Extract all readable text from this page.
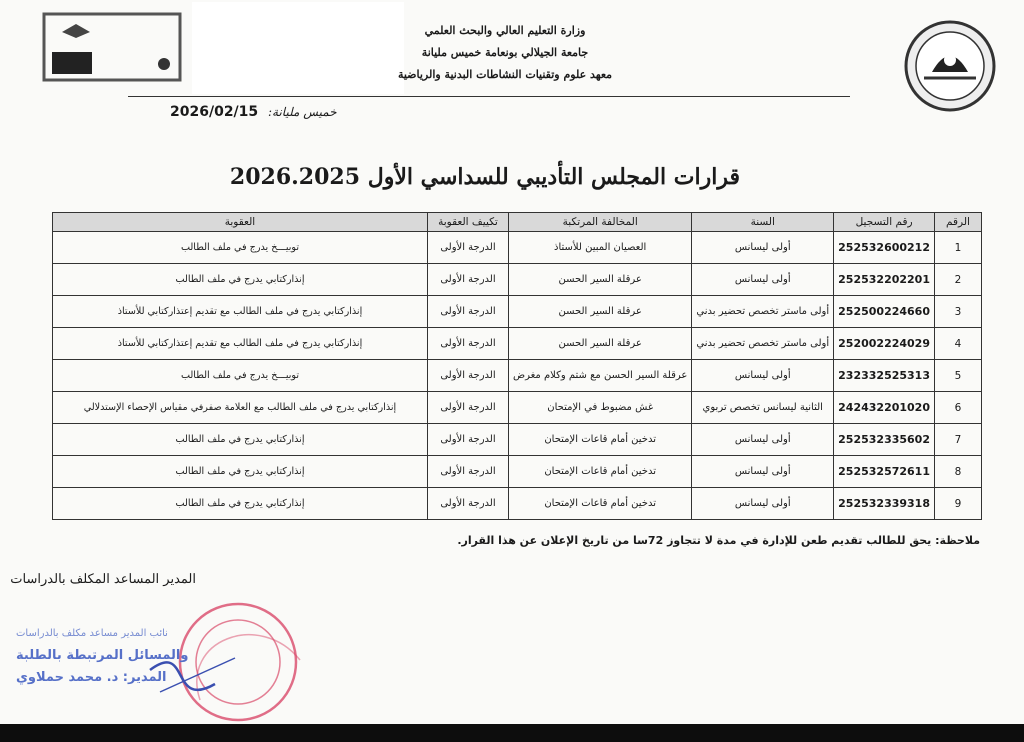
وزارة التعليم العالي والبحث العلمي
جامعة الجيلالي بونعامة خميس مليانة
معهد علوم وتقنيات النشاطات البدنية والرياضية
خميس مليانة: 2026/02/15
قرارات المجلس التأديبي للسداسي الأول 2026.2025
الرقم	رقم التسجيل	السنة	المخالفة المرتكبة	تكييف العقوبة	العقوبة
1	252532600212	أولى ليسانس	العصيان المبين للأستاذ	الدرجة الأولى	توبيـــخ يدرج في ملف الطالب
2	252532202201	أولى ليسانس	عرقلة السير الحسن	الدرجة الأولى	إنذاركتابي يدرج في ملف الطالب
3	252500224660	أولى ماستر تخصص تحضير بدني	عرقلة السير الحسن	الدرجة الأولى	إنذاركتابي يدرج في ملف الطالب مع تقديم إعتذاركتابي للأستاذ
4	252002224029	أولى ماستر تخصص تحضير بدني	عرقلة السير الحسن	الدرجة الأولى	إنذاركتابي يدرج في ملف الطالب مع تقديم إعتذاركتابي للأستاذ
5	232332525313	أولى ليسانس	عرقلة السير الحسن مع شتم وكلام مغرض	الدرجة الأولى	توبيـــخ يدرج في ملف الطالب
6	242432201020	الثانية ليسانس تخصص تربوي	غش مضبوط في الإمتحان	الدرجة الأولى	إنذاركتابي يدرج في ملف الطالب مع العلامة صفرفي مقياس الإحصاء الإستدلالي
7	252532335602	أولى ليسانس	تدخين أمام قاعات الإمتحان	الدرجة الأولى	إنذاركتابي يدرج في ملف الطالب
8	252532572611	أولى ليسانس	تدخين أمام قاعات الإمتحان	الدرجة الأولى	إنذاركتابي يدرج في ملف الطالب
9	252532339318	أولى ليسانس	تدخين أمام قاعات الإمتحان	الدرجة الأولى	إنذاركتابي يدرج في ملف الطالب
ملاحظة: يحق للطالب تقديم طعن للإدارة في مدة لا تتجاوز 72سا من تاريخ الإعلان عن هذا القرار.
المدير المساعد المكلف بالدراسات
نائب المدير مساعد مكلف بالدراسات
والمسائل المرتبطة بالطلبة
المدير: د. محمد حملاوي
